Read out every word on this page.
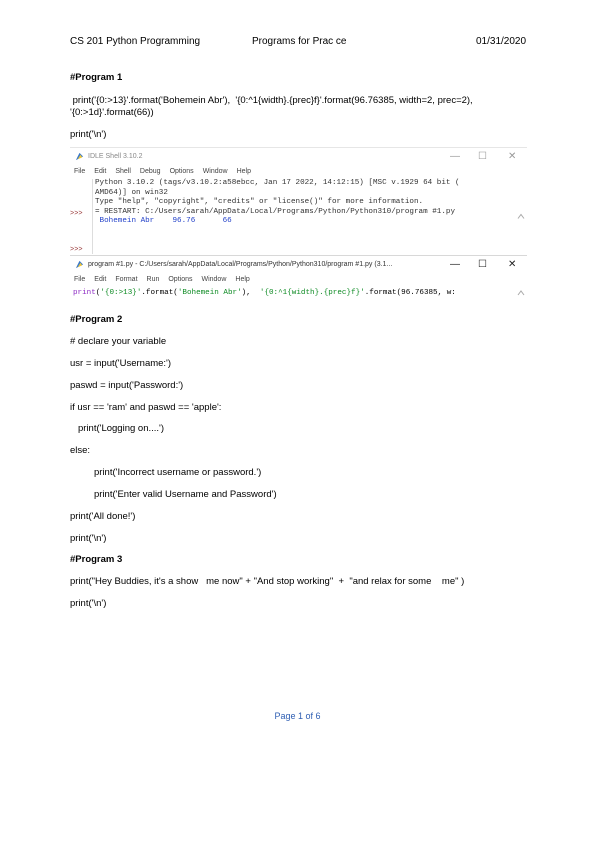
CS 201 Python Programming	Programs for Prac ce	01/31/2020
#Program 1
print('{0:>13}'.format('Bohemein Abr'),  '{0:^1{width}.{prec}f}'.format(96.76385, width=2, prec=2),
'{0:>1d}'.format(66))
print('\n')
IDLE Shell 3.10.2	— ☐ ✕
File Edit Shell Debug Options Window Help
>>>
>>>
Python 3.10.2 (tags/v3.10.2:a58ebcc, Jan 17 2022, 14:12:15) [MSC v.1929 64 bit (
AMD64)] on win32
Type "help", "copyright", "credits" or "license()" for more information.
= RESTART: C:/Users/sarah/AppData/Local/Programs/Python/Python310/program #1.py
Bohemein Abr    96.76      66
program #1.py - C:/Users/sarah/AppData/Local/Programs/Python/Python310/program #1.py (3.1...	— ☐ ✕
File Edit Format Run Options Window Help
print('{0:>13}'.format('Bohemein Abr'),  '{0:^1{width}.{prec}f}'.format(96.76385, w:
#Program 2
# declare your variable
usr = input('Username:')
paswd = input('Password:')
if usr == 'ram' and paswd == 'apple':
print('Logging on....')
else:
print('Incorrect username or password.')
print('Enter valid Username and Password')
print('All done!')
print('\n')
#Program 3
print("Hey Buddies, it's a show   me now" + "And stop working"  +  "and relax for some    me" )
print('\n')
Page 1 of 6
